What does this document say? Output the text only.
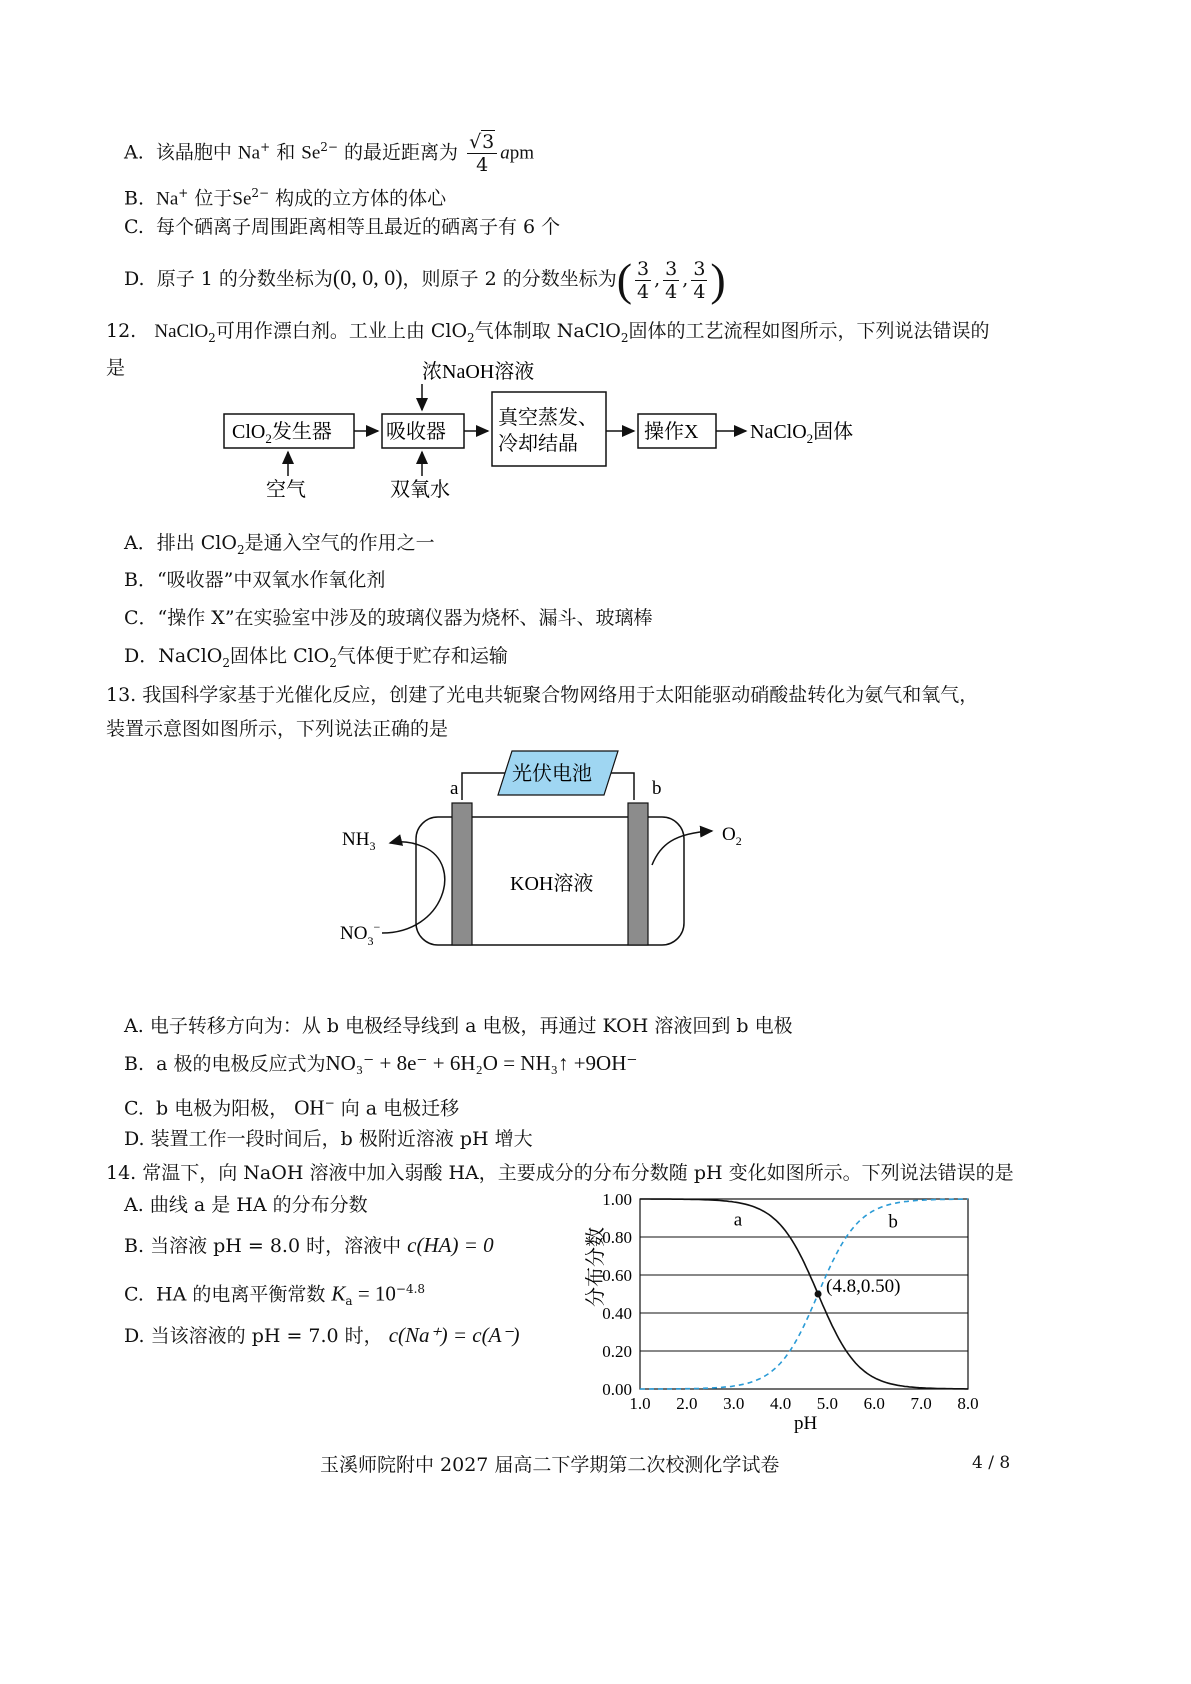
A. 该晶胞中 Na+ 和 $Se^{2-}$ 的最近距离为 $\frac{√3}{4}$ apm
B. Na+ 位于$Se^{2-}$ 构成的立方体的体心
C. 每个硒离子周围距离相等且最近的硒离子有 6 个
D. 原子 1 的分数坐标为(0, 0, 0)，则原子 2 的分数坐标为( $\frac{3}{4}$ , $\frac{3}{4}$ , $\frac{3}{4}$ )
12. NaClO$_2$可用作漂白剂。工业上由 ClO$_2$气体制取 NaClO$_2$固体的工艺流程如图所示，下列说法错误的
是	浓NaOH溶液
ClO$_2$发生器	吸收器
真空蒸发、
冷却结晶
操作X	NaClO$_2$固体
空气	双氧水
A．排出 ClO$_2$是通入空气的作用之一
B．“吸收器”中双氧水作氧化剂
C．“操作 X”在实验室中涉及的玻璃仪器为烧杯、漏斗、玻璃棒
D．NaClO$_2$固体比 ClO$_2$气体便于贮存和运输
13. 我国科学家基于光催化反应，创建了光电共轭聚合物网络用于太阳能驱动硝酸盐转化为氨气和氧气，
装置示意图如图所示，下列说法正确的是
光伏电池
a	b
KOH溶液
$NH_3$
$NO_3^-$
$O_2$
A. 电子转移方向为：从 b 电极经导线到 a 电极，再通过 KOH 溶液回到 b 电极
B. a 极的电极反应式为NO₃⁻ + 8e⁻ + 6H₂O = NH₃↑ +9OH⁻
C. b 电极为阳极， OH− 向 a 电极迁移
D. 装置工作一段时间后，b 极附近溶液 pH 增大
14. 常温下，向 NaOH 溶液中加入弱酸 HA，主要成分的分布分数随 pH 变化如图所示。下列说法错误的是
A. 曲线 a 是 HA 的分布分数
B. 当溶液 pH = 8.0 时，溶液中 c(HA) = 0
C. HA 的电离平衡常数 $K_a = 10^{-4.8}$
D. 当该溶液的 pH = 7.0 时， c(Na⁺) = c(A⁻)
分布分数
0.00
0.20
0.40
0.60
0.80
1.00
1.0 2.0 3.0 4.0 5.0 6.0 7.0 8.0
a	b
(4.8,0.50)
pH
玉溪师院附中 2027 届高二下学期第二次校测化学试卷	4 / 8
